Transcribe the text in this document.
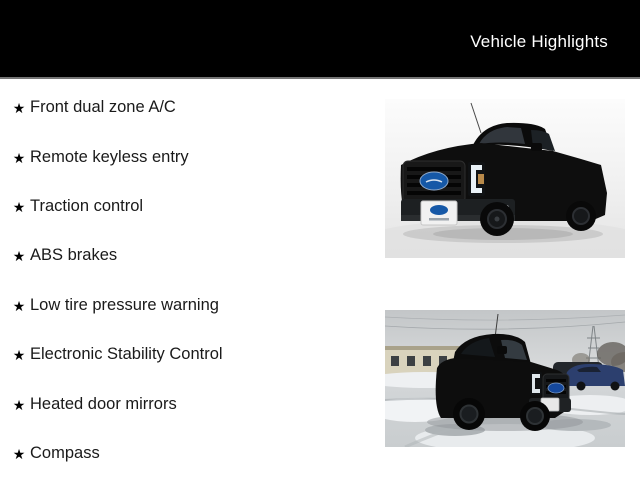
Vehicle Highlights
★ Front dual zone A/C
★ Remote keyless entry
★ Traction control
★ ABS brakes
★ Low tire pressure warning
★ Electronic Stability Control
★ Heated door mirrors
★ Compass
